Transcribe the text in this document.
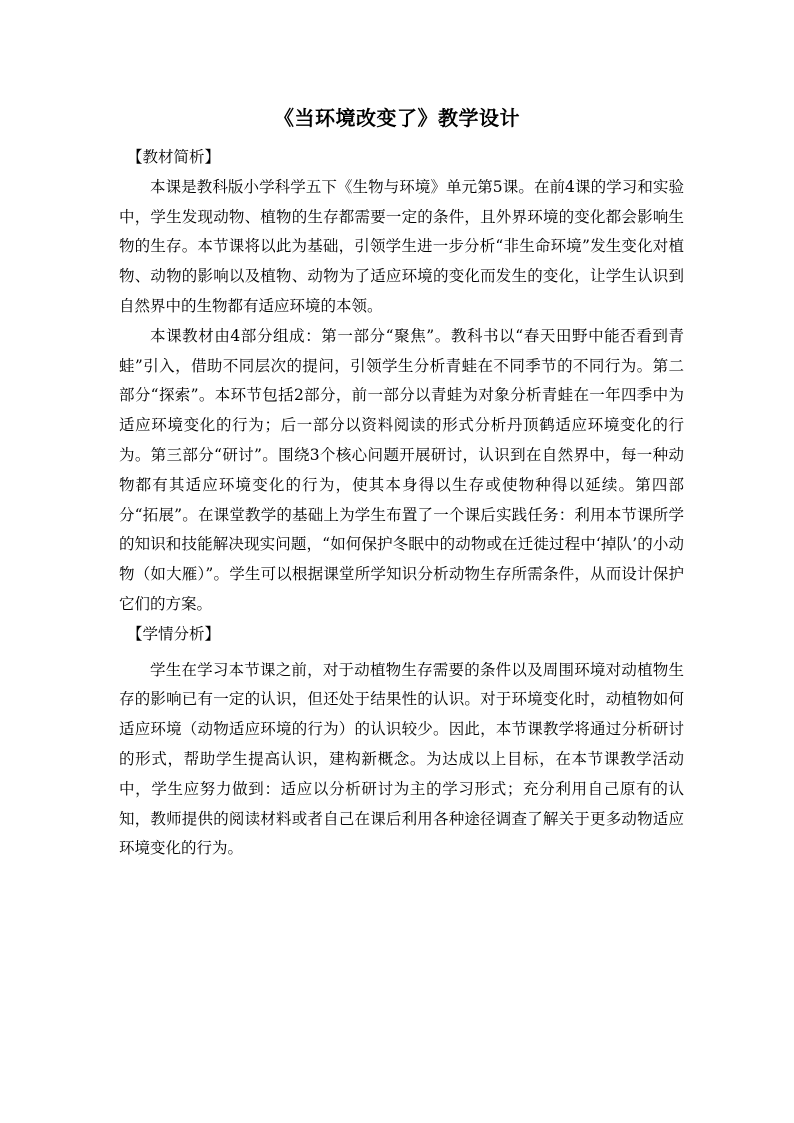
《当环境改变了》教学设计

【教材简析】

本课是教科版小学科学五下《生物与环境》单元第5课。在前4课的学习和实验中，学生发现动物、植物的生存都需要一定的条件，且外界环境的变化都会影响生物的生存。本节课将以此为基础，引领学生进一步分析“非生命环境”发生变化对植物、动物的影响以及植物、动物为了适应环境的变化而发生的变化，让学生认识到自然界中的生物都有适应环境的本领。

本课教材由4部分组成：第一部分“聚焦”。教科书以“春天田野中能否看到青蛙”引入，借助不同层次的提问，引领学生分析青蛙在不同季节的不同行为。第二部分“探索”。本环节包括2部分，前一部分以青蛙为对象分析青蛙在一年四季中为适应环境变化的行为；后一部分以资料阅读的形式分析丹顶鹤适应环境变化的行为。第三部分“研讨”。围绕3个核心问题开展研讨，认识到在自然界中，每一种动物都有其适应环境变化的行为，使其本身得以生存或使物种得以延续。第四部分“拓展”。在课堂教学的基础上为学生布置了一个课后实践任务：利用本节课所学的知识和技能解决现实问题，“如何保护冬眠中的动物或在迁徙过程中‘掉队’的小动物（如大雁）”。学生可以根据课堂所学知识分析动物生存所需条件，从而设计保护它们的方案。

【学情分析】

学生在学习本节课之前，对于动植物生存需要的条件以及周围环境对动植物生存的影响已有一定的认识，但还处于结果性的认识。对于环境变化时，动植物如何适应环境（动物适应环境的行为）的认识较少。因此，本节课教学将通过分析研讨的形式，帮助学生提高认识，建构新概念。为达成以上目标，在本节课教学活动中，学生应努力做到：适应以分析研讨为主的学习形式；充分利用自己原有的认知，教师提供的阅读材料或者自己在课后利用各种途径调查了解关于更多动物适应环境变化的行为。
